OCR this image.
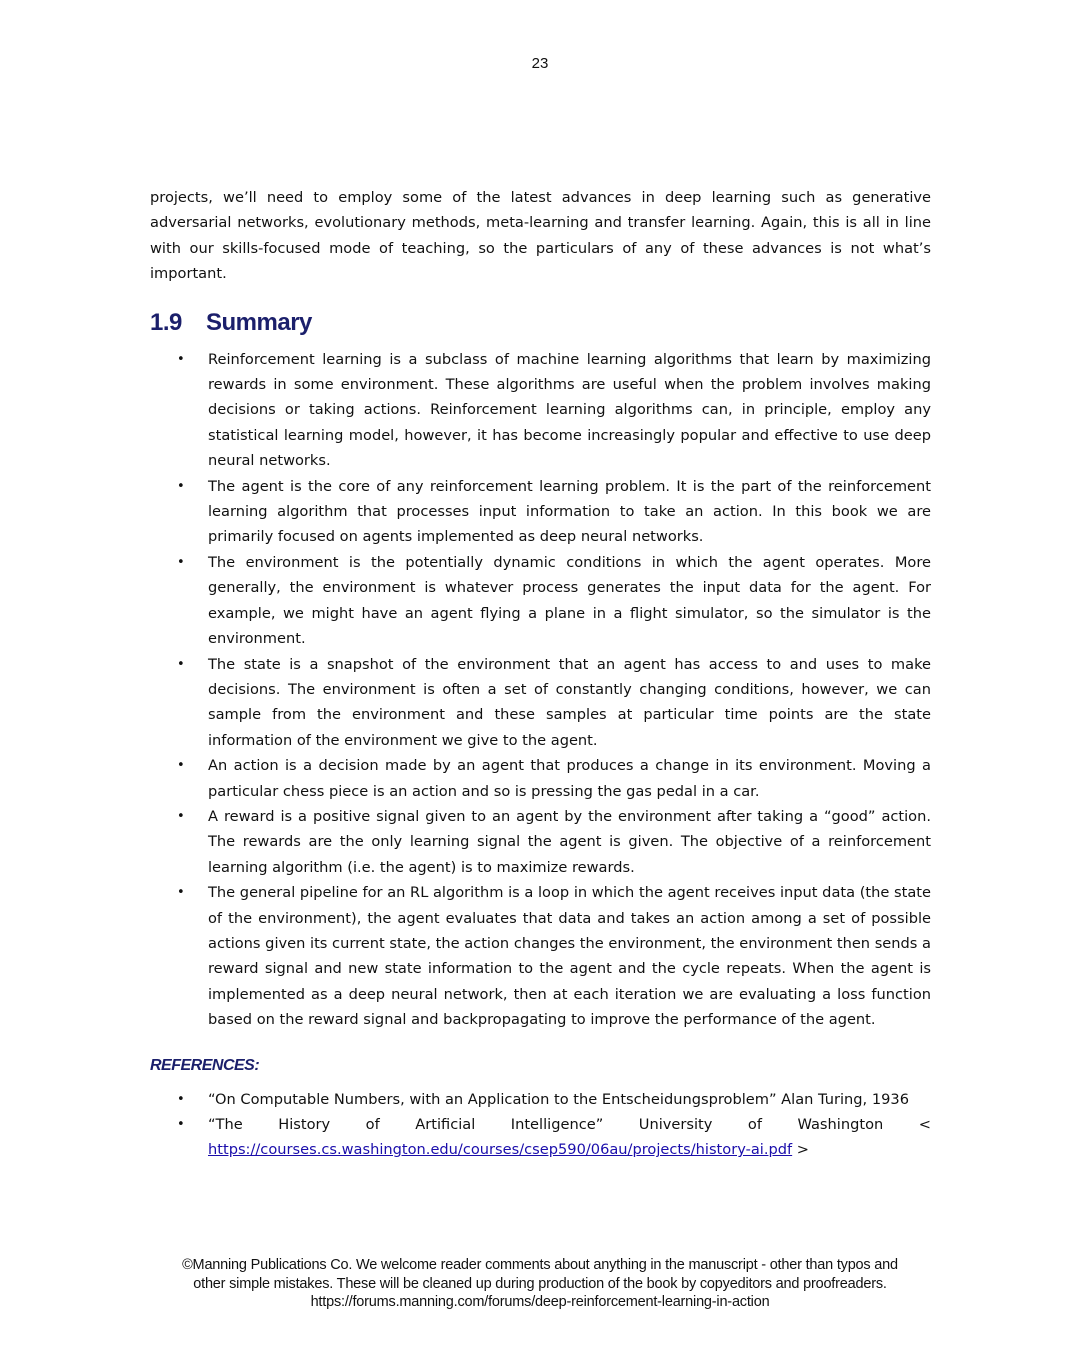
23

projects, we’ll need to employ some of the latest advances in deep learning such as generative adversarial networks, evolutionary methods, meta-learning and transfer learning. Again, this is all in line with our skills-focused mode of teaching, so the particulars of any of these advances is not what’s important.

1.9 Summary
• Reinforcement learning is a subclass of machine learning algorithms that learn by maximizing rewards in some environment. These algorithms are useful when the problem involves making decisions or taking actions. Reinforcement learning algorithms can, in principle, employ any statistical learning model, however, it has become increasingly popular and effective to use deep neural networks.
• The agent is the core of any reinforcement learning problem. It is the part of the reinforcement learning algorithm that processes input information to take an action. In this book we are primarily focused on agents implemented as deep neural networks.
• The environment is the potentially dynamic conditions in which the agent operates. More generally, the environment is whatever process generates the input data for the agent. For example, we might have an agent flying a plane in a flight simulator, so the simulator is the environment.
• The state is a snapshot of the environment that an agent has access to and uses to make decisions. The environment is often a set of constantly changing conditions, however, we can sample from the environment and these samples at particular time points are the state information of the environment we give to the agent.
• An action is a decision made by an agent that produces a change in its environment. Moving a particular chess piece is an action and so is pressing the gas pedal in a car.
• A reward is a positive signal given to an agent by the environment after taking a “good” action. The rewards are the only learning signal the agent is given. The objective of a reinforcement learning algorithm (i.e. the agent) is to maximize rewards.
• The general pipeline for an RL algorithm is a loop in which the agent receives input data (the state of the environment), the agent evaluates that data and takes an action among a set of possible actions given its current state, the action changes the environment, the environment then sends a reward signal and new state information to the agent and the cycle repeats. When the agent is implemented as a deep neural network, then at each iteration we are evaluating a loss function based on the reward signal and backpropagating to improve the performance of the agent.
REFERENCES:
• “On Computable Numbers, with an Application to the Entscheidungsproblem” Alan Turing, 1936
• “The History of Artificial Intelligence” University of Washington < https://courses.cs.washington.edu/courses/csep590/06au/projects/history-ai.pdf >
©Manning Publications Co. We welcome reader comments about anything in the manuscript - other than typos and
other simple mistakes. These will be cleaned up during production of the book by copyeditors and proofreaders.
https://forums.manning.com/forums/deep-reinforcement-learning-in-action
